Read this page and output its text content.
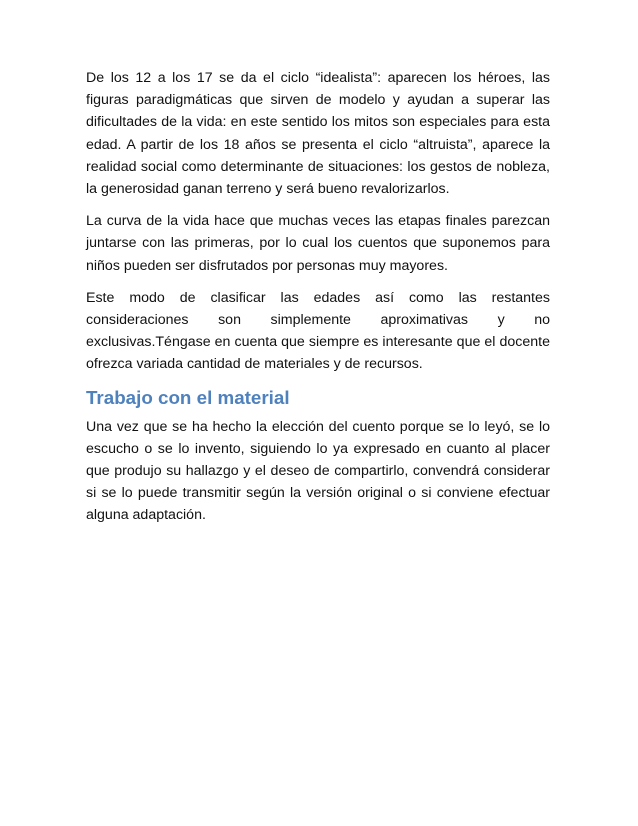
De los 12 a los 17 se da el ciclo “idealista”: aparecen los héroes, las figuras paradigmáticas que sirven de modelo y ayudan a superar las dificultades de la vida: en este sentido los mitos son especiales para esta edad. A partir de los 18 años se presenta el ciclo “altruista”, aparece la realidad social como determinante de situaciones: los gestos de nobleza, la generosidad ganan terreno y será bueno revalorizarlos.

La curva de la vida hace que muchas veces las etapas finales parezcan juntarse con las primeras, por lo cual los cuentos que suponemos para niños pueden ser disfrutados por personas muy mayores.

Este modo de clasificar las edades así como las restantes consideraciones son simplemente aproximativas y no exclusivas.Téngase en cuenta que siempre es interesante que el docente ofrezca variada cantidad de materiales y de recursos.

Trabajo con el material

Una vez que se ha hecho la elección del cuento porque se lo leyó, se lo escucho o se lo invento, siguiendo lo ya expresado en cuanto al placer que produjo su hallazgo y el deseo de compartirlo, convendrá considerar si se lo puede transmitir según la versión original o si conviene efectuar alguna adaptación.
